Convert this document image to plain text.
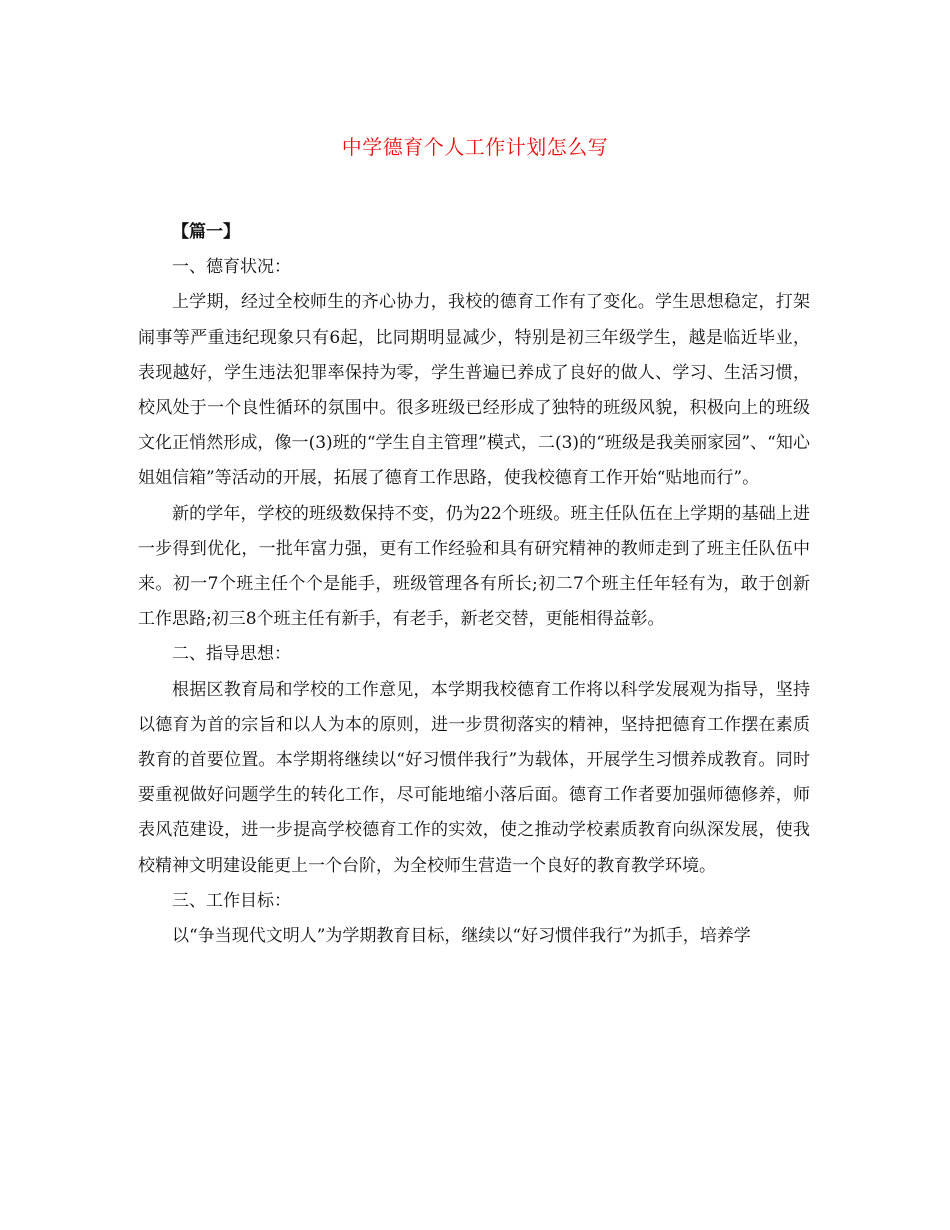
中学德育个人工作计划怎么写

【篇一】

一、德育状况：

上学期，经过全校师生的齐心协力，我校的德育工作有了变化。学生思想稳定，打架闹事等严重违纪现象只有6起，比同期明显减少，特别是初三年级学生，越是临近毕业，表现越好，学生违法犯罪率保持为零，学生普遍已养成了良好的做人、学习、生活习惯，校风处于一个良性循环的氛围中。很多班级已经形成了独特的班级风貌，积极向上的班级文化正悄然形成，像一(3)班的“学生自主管理”模式，二(3)的“班级是我美丽家园”、“知心姐姐信箱”等活动的开展，拓展了德育工作思路，使我校德育工作开始“贴地而行”。

新的学年，学校的班级数保持不变，仍为22个班级。班主任队伍在上学期的基础上进一步得到优化，一批年富力强，更有工作经验和具有研究精神的教师走到了班主任队伍中来。初一7个班主任个个是能手，班级管理各有所长;初二7个班主任年轻有为，敢于创新工作思路;初三8个班主任有新手，有老手，新老交替，更能相得益彰。

二、指导思想：

根据区教育局和学校的工作意见，本学期我校德育工作将以科学发展观为指导，坚持以德育为首的宗旨和以人为本的原则，进一步贯彻落实的精神，坚持把德育工作摆在素质教育的首要位置。本学期将继续以“好习惯伴我行”为载体，开展学生习惯养成教育。同时要重视做好问题学生的转化工作，尽可能地缩小落后面。德育工作者要加强师德修养，师表风范建设，进一步提高学校德育工作的实效，使之推动学校素质教育向纵深发展，使我校精神文明建设能更上一个台阶，为全校师生营造一个良好的教育教学环境。

三、工作目标：

以“争当现代文明人”为学期教育目标，继续以“好习惯伴我行”为抓手，培养学
